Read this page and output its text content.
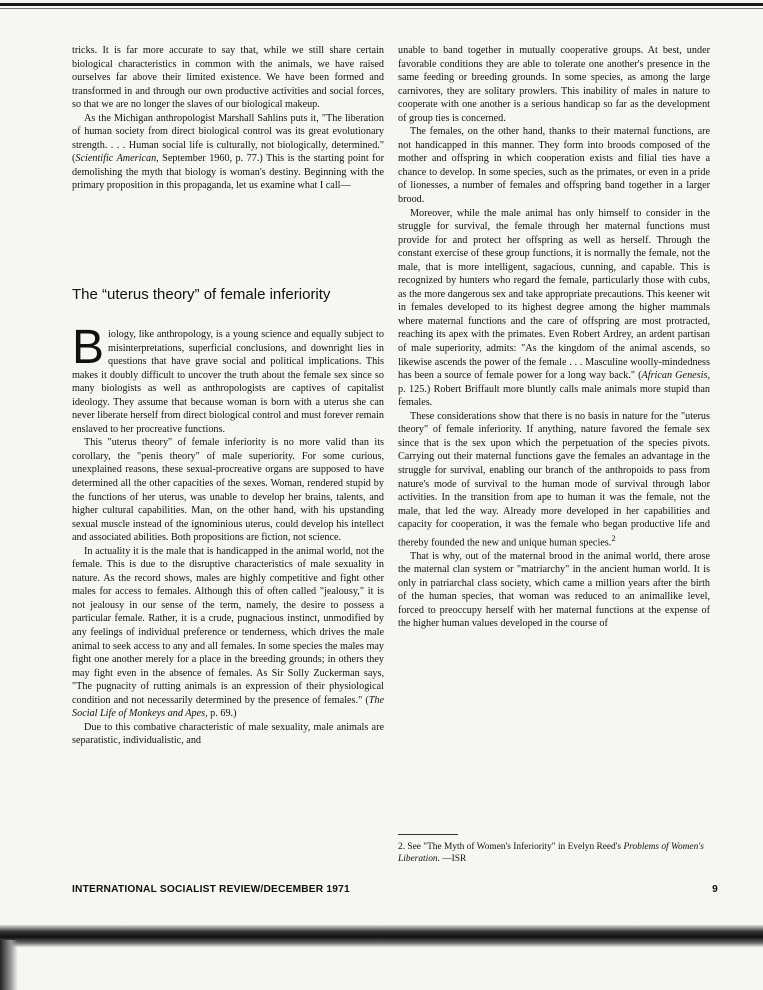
tricks. It is far more accurate to say that, while we still share certain biological characteristics in common with the animals, we have raised ourselves far above their limited existence. We have been formed and transformed in and through our own productive activities and social forces, so that we are no longer the slaves of our biological makeup.

As the Michigan anthropologist Marshall Sahlins puts it, "The liberation of human society from direct biological control was its great evolutionary strength. . . . Human social life is culturally, not biologically, determined." (Scientific American, September 1960, p. 77.) This is the starting point for demolishing the myth that biology is woman's destiny. Beginning with the primary proposition in this propaganda, let us examine what I call—

The “uterus theory” of female inferiority

Biology, like anthropology, is a young science and equally subject to misinterpretations, superficial conclusions, and downright lies in questions that have grave social and political implications. This makes it doubly difficult to uncover the truth about the female sex since so many biologists as well as anthropologists are captives of capitalist ideology. They assume that because woman is born with a uterus she can never liberate herself from direct biological control and must forever remain enslaved to her procreative functions.

This "uterus theory" of female inferiority is no more valid than its corollary, the "penis theory" of male superiority. For some curious, unexplained reasons, these sexual-procreative organs are supposed to have determined all the other capacities of the sexes. Woman, rendered stupid by the functions of her uterus, was unable to develop her brains, talents, and higher cultural capabilities. Man, on the other hand, with his upstanding sexual muscle instead of the ignominious uterus, could develop his intellect and associated abilities. Both propositions are fiction, not science.

In actuality it is the male that is handicapped in the animal world, not the female. This is due to the disruptive characteristics of male sexuality in nature. As the record shows, males are highly competitive and fight other males for access to females. Although this of often called "jealousy," it is not jealousy in our sense of the term, namely, the desire to possess a particular female. Rather, it is a crude, pugnacious instinct, unmodified by any feelings of individual preference or tenderness, which drives the male animal to seek access to any and all females. In some species the males may fight one another merely for a place in the breeding grounds; in others they may fight even in the absence of females. As Sir Solly Zuckerman says, "The pugnacity of rutting animals is an expression of their physiological condition and not necessarily determined by the presence of females." (The Social Life of Monkeys and Apes, p. 69.)

Due to this combative characteristic of male sexuality, male animals are separatistic, individualistic, and

unable to band together in mutually cooperative groups. At best, under favorable conditions they are able to tolerate one another's presence in the same feeding or breeding grounds. In some species, as among the large carnivores, they are solitary prowlers. This inability of males in nature to cooperate with one another is a serious handicap so far as the development of group ties is concerned.

The females, on the other hand, thanks to their maternal functions, are not handicapped in this manner. They form into broods composed of the mother and offspring in which cooperation exists and filial ties have a chance to develop. In some species, such as the primates, or even in a pride of lionesses, a number of females and offspring band together in a larger brood.

Moreover, while the male animal has only himself to consider in the struggle for survival, the female through her maternal functions must provide for and protect her offspring as well as herself. Through the constant exercise of these group functions, it is normally the female, not the male, that is more intelligent, sagacious, cunning, and capable. This is recognized by hunters who regard the female, particularly those with cubs, as the more dangerous sex and take appropriate precautions. This keener wit in females developed to its highest degree among the higher mammals where maternal functions and the care of offspring are most protracted, reaching its apex with the primates. Even Robert Ardrey, an ardent partisan of male superiority, admits: "As the kingdom of the animal ascends, so likewise ascends the power of the female . . . Masculine woolly-mindedness has been a source of female power for a long way back." (African Genesis, p. 125.) Robert Briffault more bluntly calls male animals more stupid than females.

These considerations show that there is no basis in nature for the "uterus theory" of female inferiority. If anything, nature favored the female sex since that is the sex upon which the perpetuation of the species pivots. Carrying out their maternal functions gave the females an advantage in the struggle for survival, enabling our branch of the anthropoids to pass from nature's mode of survival to the human mode of survival through labor activities. In the transition from ape to human it was the female, not the male, that led the way. Already more developed in her capabilities and capacity for cooperation, it was the female who began productive life and thereby founded the new and unique human species.$^2$

That is why, out of the maternal brood in the animal world, there arose the maternal clan system or "matriarchy" in the ancient human world. It is only in patriarchal class society, which came a million years after the birth of the human species, that woman was reduced to an animallike level, forced to preoccupy herself with her maternal functions at the expense of the higher human values developed in the course of

2. See "The Myth of Women's Inferiority" in Evelyn Reed's Problems of Women's Liberation. —ISR
INTERNATIONAL SOCIALIST REVIEW/DECEMBER 1971	9
